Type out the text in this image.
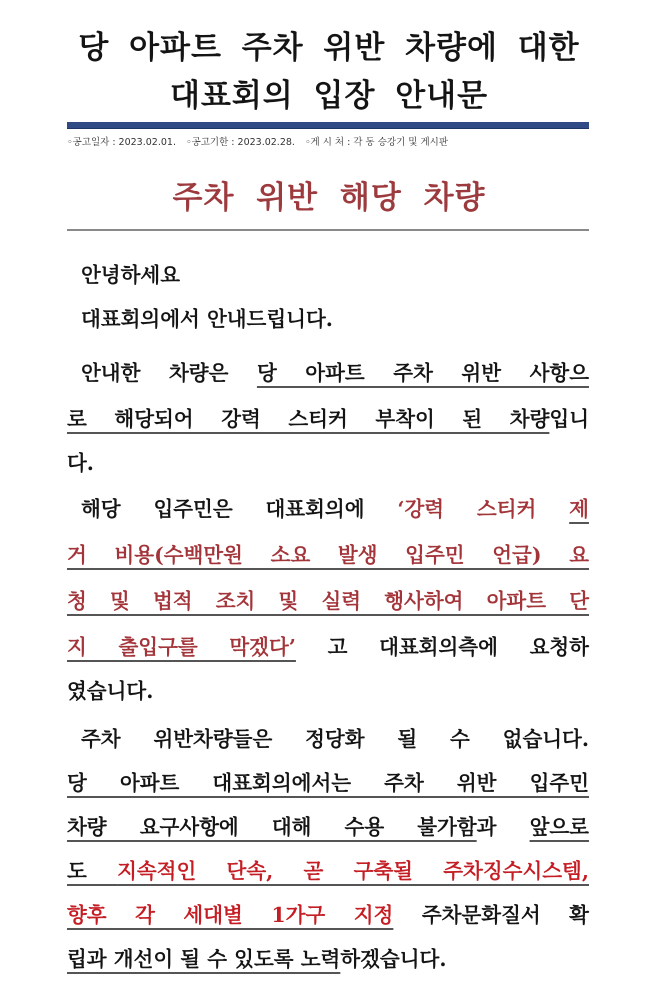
당 아파트 주차 위반 차량에 대한
대표회의 입장 안내문
◦공고일자 : 2023.02.01. ◦공고기한 : 2023.02.28. ◦게 시 처 : 각 동 승강기 및 게시판
주차 위반 해당 차량
안녕하세요
대표회의에서 안내드립니다.
안내한 차량은 당 아파트 주차 위반 사항으
로 해당되어 강력 스티커 부착이 된 차량입니
다.
해당 입주민은 대표회의에 ‘강력 스티커 제
거 비용(수백만원 소요 발생 입주민 언급) 요
청 및 법적 조치 및 실력 행사하여 아파트 단
지 출입구를 막겠다’ 고 대표회의측에 요청하
였습니다.
주차 위반차량들은 정당화 될 수 없습니다.
당 아파트 대표회의에서는 주차 위반 입주민
차량 요구사항에 대해 수용 불가함과 앞으로
도 지속적인 단속, 곧 구축될 주차징수시스템,
향후 각 세대별 1가구 지정 주차문화질서 확
립과 개선이 될 수 있도록 노력하겠습니다.
